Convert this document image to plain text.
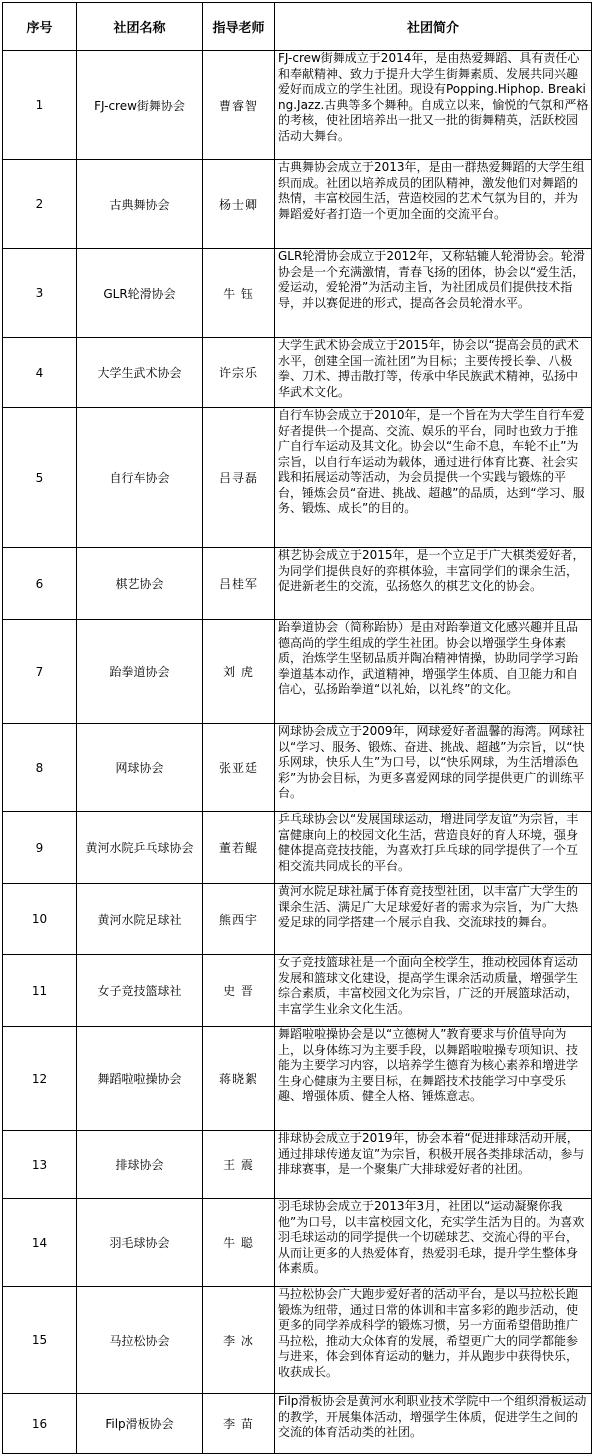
序号	社团名称	指导老师	社团简介
1	FJ-crew街舞协会	曹睿智	FJ-crew街舞成立于2014年，是由热爱舞蹈、具有责任心和奉献精神、致力于提升大学生街舞素质、发展共同兴趣爱好而成立的学生社团。现设有Popping.Hiphop. Breaking.Jazz.古典等多个舞种。自成立以来，愉悦的气氛和严格的考核，使社团培养出一批又一批的街舞精英，活跃校园活动大舞台。

2	古典舞协会	杨士卿	古典舞协会成立于2013年，是由一群热爱舞蹈的大学生组织而成。社团以培养成员的团队精神，激发他们对舞蹈的热情，丰富校园生活，营造校园的艺术气氛为目的，并为舞蹈爱好者打造一个更加全面的交流平台。

3	GLR轮滑协会	牛 钰	GLR轮滑协会成立于2012年，又称轱辘人轮滑协会。轮滑协会是一个充满激情，青春飞扬的团体，协会以“爱生活，爱运动，爱轮滑”为活动主旨，为社团成员们提供技术指导，并以赛促进的形式，提高各会员轮滑水平。

4	大学生武术协会	许宗乐	大学生武术协会成立于2015年，协会以“提高会员的武术水平，创建全国一流社团”为目标；主要传授长拳、八极拳、刀术、搏击散打等，传承中华民族武术精神，弘扬中华武术文化。

5	自行车协会	吕寻磊	自行车协会成立于2010年，是一个旨在为大学生自行车爱好者提供一个提高、交流、娱乐的平台，同时也致力于推广自行车运动及其文化。协会以“生命不息，车轮不止”为宗旨，以自行车运动为载体，通过进行体育比赛、社会实践和拓展运动等活动，为会员提供一个实践与锻炼的平台，锤炼会员“奋进、挑战、超越”的品质，达到“学习、服务、锻炼、成长”的目的。

6	棋艺协会	吕桂军	棋艺协会成立于2015年，是一个立足于广大棋类爱好者，为同学们提供良好的弈棋体验，丰富同学们的课余生活，促进新老生的交流，弘扬悠久的棋艺文化的协会。

7	跆拳道协会	刘 虎	跆拳道协会（简称跆协）是由对跆拳道文化感兴趣并且品德高尚的学生组成的学生社团。协会以增强学生身体素质，治炼学生坚韧品质并陶冶精神情操，协助同学学习跆拳道基本动作，武道精神，增强学生体质、自卫能力和自信心，弘扬跆拳道“以礼始，以礼终”的文化。

8	网球协会	张亚廷	网球协会成立于2009年，网球爱好者温馨的海湾。网球社以“学习、服务、锻炼、奋进、挑战、超越”为宗旨，以“快乐网球，快乐人生”为口号，以“快乐网球，为生活增添色彩”为协会目标，为更多喜爱网球的同学提供更广的训练平台。

9	黄河水院乒乓球协会	董若鲲	乒乓球协会以“发展国球运动，增进同学友谊”为宗旨，丰富健康向上的校园文化生活，营造良好的育人环境，强身健体提高竞技技能，为喜欢打乒乓球的同学提供了一个互相交流共同成长的平台。

10	黄河水院足球社	熊西宇	黄河水院足球社属于体育竞技型社团，以丰富广大学生的课余生活、满足广大足球爱好者的需求为宗旨，为广大热爱足球的同学搭建一个展示自我、交流球技的舞台。

11	女子竞技篮球社	史 晋	女子竞技篮球社是一个面向全校学生，推动校园体育运动发展和篮球文化建设，提高学生课余活动质量，增强学生综合素质，丰富校园文化为宗旨，广泛的开展篮球活动，丰富学生业余文化生活。

12	舞蹈啦啦操协会	蒋晓絮	舞蹈啦啦操协会是以“立德树人”教育要求与价值导向为上，以身体练习为主要手段，以舞蹈啦啦操专项知识、技能为主要学习内容，以培养学生德育为核心素养和增进学生身心健康为主要目标，在舞蹈技术技能学习中享受乐趣、增强体质、健全人格、锤炼意志。

13	排球协会	王 震	排球协会成立于2019年，协会本着“促进排球活动开展，通过排球传递友谊”为宗旨，积极开展各类排球活动，参与排球赛事，是一个聚集广大排球爱好者的社团。

14	羽毛球协会	牛 聪	羽毛球协会成立于2013年3月，社团以“运动凝聚你我他”为口号，以丰富校园文化，充实学生活为目的。为喜欢羽毛球运动的同学提供一个切磋球艺、交流心得的平台，从而让更多的人热爱体育，热爱羽毛球，提升学生整体身体素质。

15	马拉松协会	李 冰	马拉松协会广大跑步爱好者的活动平台，是以马拉松长跑锻炼为纽带，通过日常的体训和丰富多彩的跑步活动，使更多的同学养成科学的锻炼习惯，另一方面希望借助推广马拉松，推动大众体育的发展，希望更广大的同学都能参与进来，体会到体育运动的魅力，并从跑步中获得快乐，收获成长。

16	Filp滑板协会	李 苗	Filp滑板协会是黄河水利职业技术学院中一个组织滑板运动的教学，开展集体活动，增强学生体质，促进学生之间的交流的体育活动类的社团。
